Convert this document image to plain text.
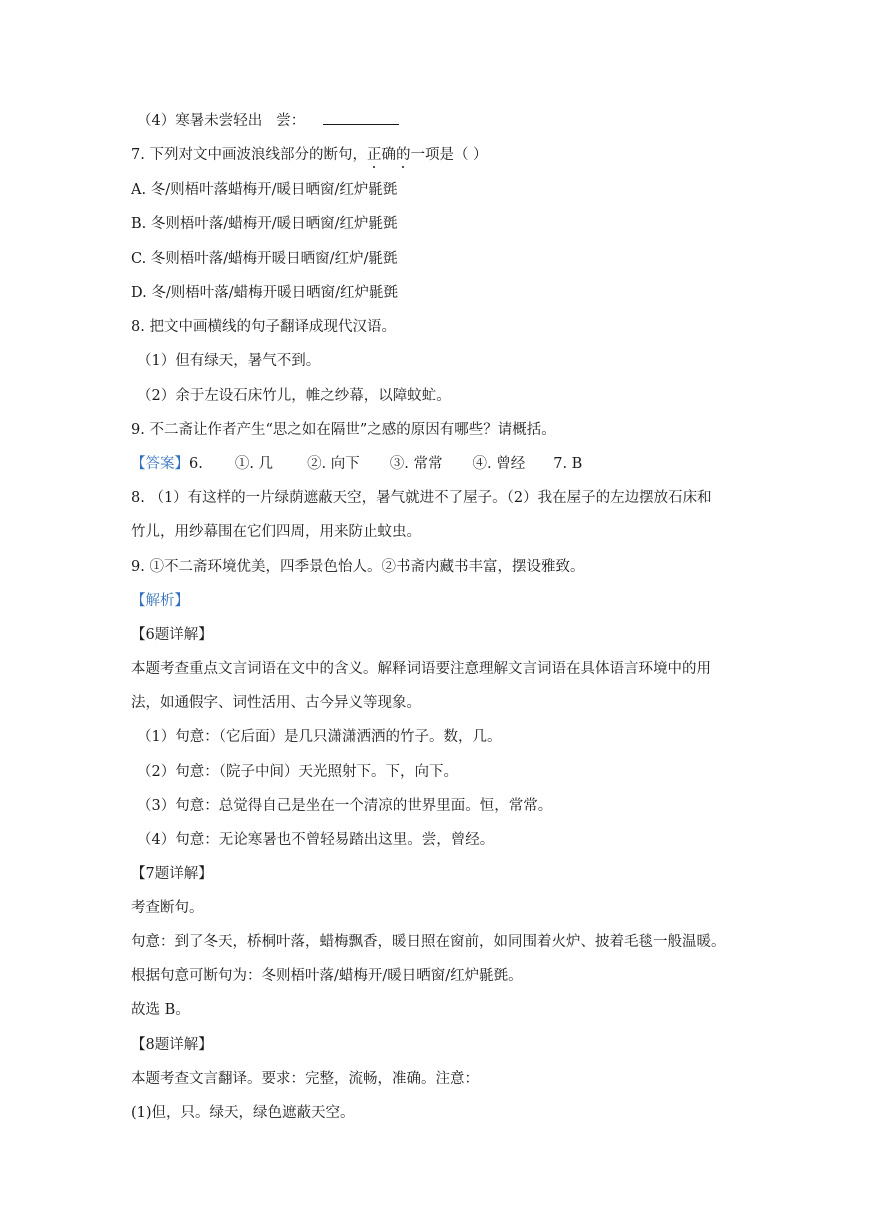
（4）寒暑未尝轻出 尝：
7. 下列对文中画波浪线部分的断句，正确的一项是（ ）
A. 冬/则梧叶落蜡梅开/暖日晒窗/红炉毾㲪
B. 冬则梧叶落/蜡梅开/暖日晒窗/红炉毾㲪
C. 冬则梧叶落/蜡梅开暖日晒窗/红炉/毾㲪
D. 冬/则梧叶落/蜡梅开暖日晒窗/红炉毾㲪
8. 把文中画横线的句子翻译成现代汉语。
（1）但有绿天，暑气不到。
（2）余于左设石床竹儿，帷之纱幕，以障蚊虻。
9. 不二斋让作者产生“思之如在隔世”之感的原因有哪些？请概括。
【答案】6. ①. 几 ②. 向下 ③. 常常 ④. 曾经 7. B
8. （1）有这样的一片绿荫遮蔽天空，暑气就进不了屋子。（2）我在屋子的左边摆放石床和
竹儿，用纱幕围在它们四周，用来防止蚊虫。
9. ①不二斋环境优美，四季景色怡人。②书斋内藏书丰富，摆设雅致。
【解析】
【6题详解】
本题考查重点文言词语在文中的含义。解释词语要注意理解文言词语在具体语言环境中的用
法，如通假字、词性活用、古今异义等现象。
（1）句意：（它后面）是几只潇潇洒洒的竹子。数，几。
（2）句意：（院子中间）天光照射下。下，向下。
（3）句意：总觉得自己是坐在一个清凉的世界里面。恒，常常。
（4）句意：无论寒暑也不曾轻易踏出这里。尝，曾经。
【7题详解】
考查断句。
句意：到了冬天，桥桐叶落，蜡梅飘香，暖日照在窗前，如同围着火炉、披着毛毯一般温暖。
根据句意可断句为：冬则梧叶落/蜡梅开/暖日晒窗/红炉毾㲪。
故选 B。
【8题详解】
本题考查文言翻译。要求：完整，流畅，准确。注意：
(1)但，只。绿天，绿色遮蔽天空。
